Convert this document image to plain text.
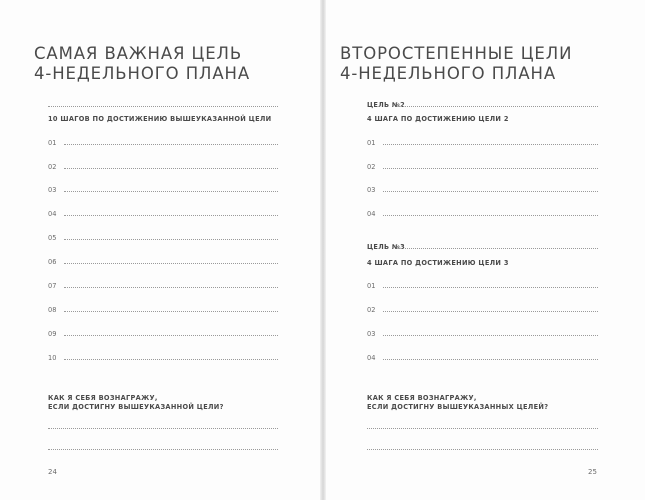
САМАЯ ВАЖНАЯ ЦЕЛЬ
4-НЕДЕЛЬНОГО ПЛАНА
10 ШАГОВ ПО ДОСТИЖЕНИЮ ВЫШЕУКАЗАННОЙ ЦЕЛИ
01
02
03
04
05
06
07
08
09
10
КАК Я СЕБЯ ВОЗНАГРАЖУ,
ЕСЛИ ДОСТИГНУ ВЫШЕУКАЗАННОЙ ЦЕЛИ?
24
ВТОРОСТЕПЕННЫЕ ЦЕЛИ
4-НЕДЕЛЬНОГО ПЛАНА
ЦЕЛЬ №2
4 ШАГА ПО ДОСТИЖЕНИЮ ЦЕЛИ 2
01
02
03
04
ЦЕЛЬ №3
4 ШАГА ПО ДОСТИЖЕНИЮ ЦЕЛИ 3
01
02
03
04
КАК Я СЕБЯ ВОЗНАГРАЖУ,
ЕСЛИ ДОСТИГНУ ВЫШЕУКАЗАННЫХ ЦЕЛЕЙ?
25
